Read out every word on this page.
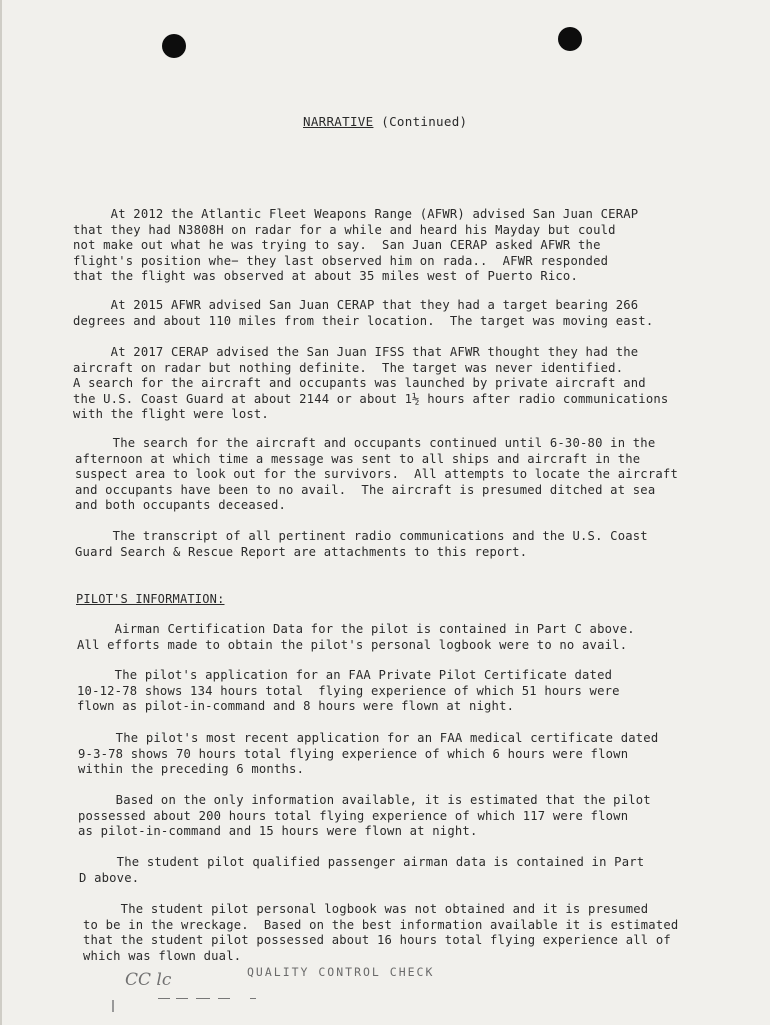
NARRATIVE (Continued)
At 2012 the Atlantic Fleet Weapons Range (AFWR) advised San Juan CERAP
that they had N3808H on radar for a while and heard his Mayday but could
not make out what he was trying to say.  San Juan CERAP asked AFWR the
flight's position whe− they last observed him on rada..  AFWR responded
that the flight was observed at about 35 miles west of Puerto Rico.
At 2015 AFWR advised San Juan CERAP that they had a target bearing 266
degrees and about 110 miles from their location.  The target was moving east.
At 2017 CERAP advised the San Juan IFSS that AFWR thought they had the
aircraft on radar but nothing definite.  The target was never identified.
A search for the aircraft and occupants was launched by private aircraft and
the U.S. Coast Guard at about 2144 or about 1½ hours after radio communications
with the flight were lost.
The search for the aircraft and occupants continued until 6-30-80 in the
afternoon at which time a message was sent to all ships and aircraft in the
suspect area to look out for the survivors.  All attempts to locate the aircraft
and occupants have been to no avail.  The aircraft is presumed ditched at sea
and both occupants deceased.
The transcript of all pertinent radio communications and the U.S. Coast
Guard Search & Rescue Report are attachments to this report.
PILOT'S INFORMATION:
Airman Certification Data for the pilot is contained in Part C above.
All efforts made to obtain the pilot's personal logbook were to no avail.
The pilot's application for an FAA Private Pilot Certificate dated
10-12-78 shows 134 hours total  flying experience of which 51 hours were
flown as pilot-in-command and 8 hours were flown at night.
The pilot's most recent application for an FAA medical certificate dated
9-3-78 shows 70 hours total flying experience of which 6 hours were flown
within the preceding 6 months.
Based on the only information available, it is estimated that the pilot
possessed about 200 hours total flying experience of which 117 were flown
as pilot-in-command and 15 hours were flown at night.
The student pilot qualified passenger airman data is contained in Part
D above.
The student pilot personal logbook was not obtained and it is presumed
to be in the wreckage.  Based on the best information available it is estimated
that the student pilot possessed about 16 hours total flying experience all of
which was flown dual.
CC lc	QUALITY CONTROL CHECK
